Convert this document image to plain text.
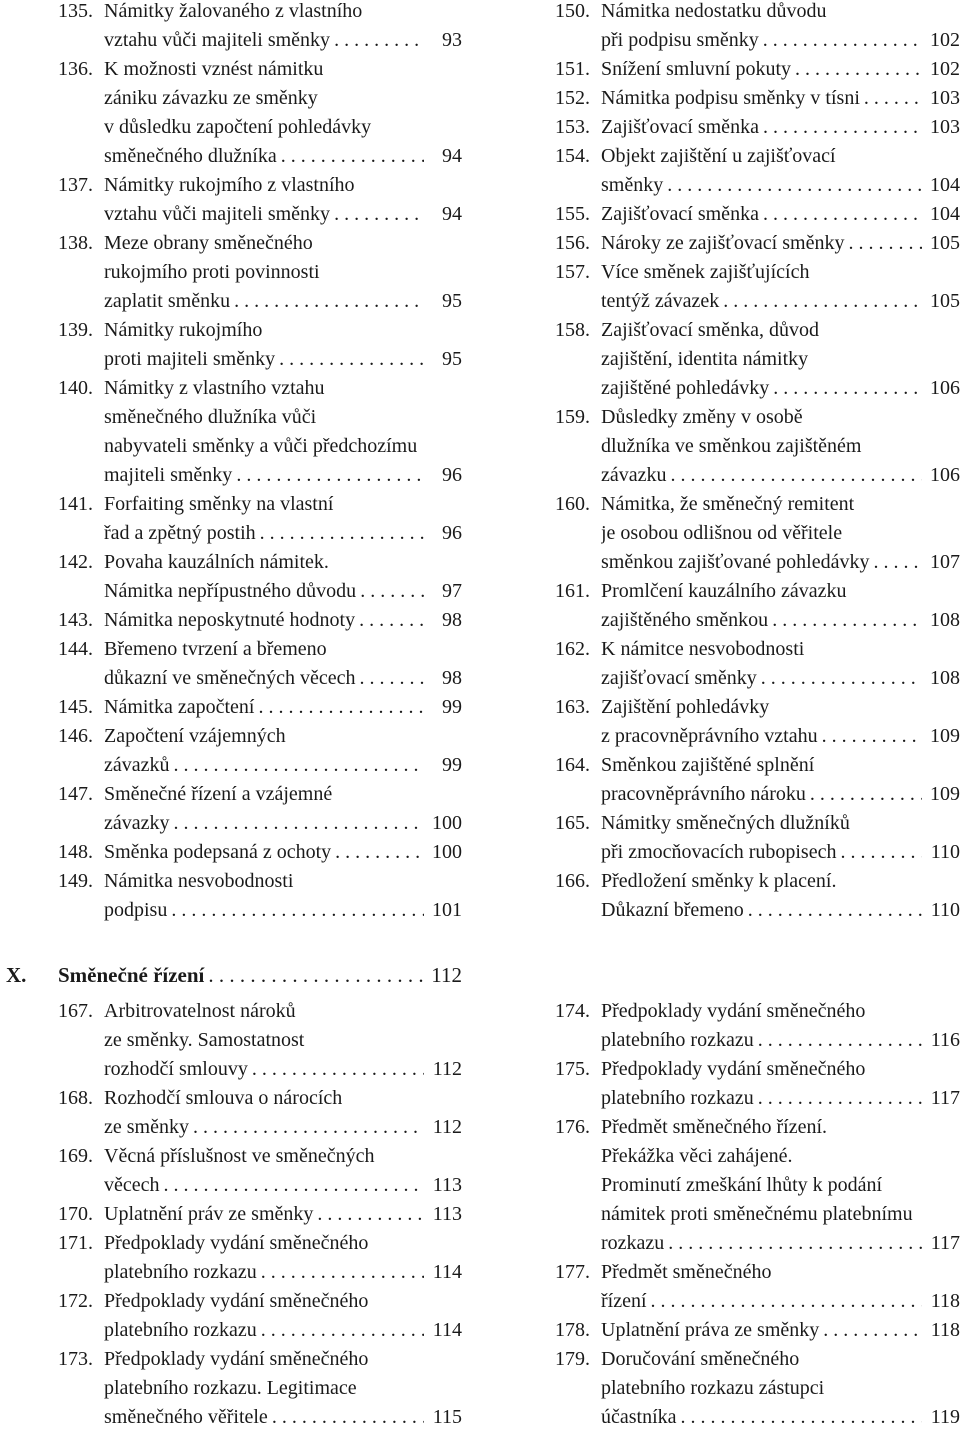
135. Námitky žalovaného z vlastního
vztahu vůči majiteli směnky . . .	93
136. K možnosti vznést námitku
zániku závazku ze směnky
v důsledku započtení pohledávky
směnečného dlužníka . . .	94
137. Námitky rukojmího z vlastního
vztahu vůči majiteli směnky . . .	94
138. Meze obrany směnečného
rukojmího proti povinnosti
zaplatit směnku . . .	95
139. Námitky rukojmího
proti majiteli směnky . . .	95
140. Námitky z vlastního vztahu
směnečného dlužníka vůči
nabyvateli směnky a vůči předchozímu
majiteli směnky . . .	96
141. Forfaiting směnky na vlastní
řad a zpětný postih . . .	96
142. Povaha kauzálních námitek.
Námitka nepřípustného důvodu . . .	97
143. Námitka neposkytnuté hodnoty . . .	98
144. Břemeno tvrzení a břemeno
důkazní ve směnečných věcech . . .	98
145. Námitka započtení . . .	99
146. Započtení vzájemných
závazků . . .	99
147. Směnečné řízení a vzájemné
závazky . . .	100
148. Směnka podepsaná z ochoty . . .	100
149. Námitka nesvobodnosti
podpisu . . .	101
150. Námitka nedostatku důvodu
při podpisu směnky . . .	102
151. Snížení smluvní pokuty . . .	102
152. Námitka podpisu směnky v tísni . . .	103
153. Zajišťovací směnka . . .	103
154. Objekt zajištění u zajišťovací
směnky . . .	104
155. Zajišťovací směnka . . .	104
156. Nároky ze zajišťovací směnky . . .	105
157. Více směnek zajišťujících
tentýž závazek . . .	105
158. Zajišťovací směnka, důvod
zajištění, identita námitky
zajištěné pohledávky . . .	106
159. Důsledky změny v osobě
dlužníka ve směnkou zajištěném
závazku . . .	106
160. Námitka, že směnečný remitent
je osobou odlišnou od věřitele
směnkou zajišťované pohledávky . . .	107
161. Promlčení kauzálního závazku
zajištěného směnkou . . .	108
162. K námitce nesvobodnosti
zajišťovací směnky . . .	108
163. Zajištění pohledávky
z pracovněprávního vztahu . . .	109
164. Směnkou zajištěné splnění
pracovněprávního nároku . . .	109
165. Námitky směnečných dlužníků
při zmocňovacích rubopisech . . .	110
166. Předložení směnky k placení.
Důkazní břemeno . . .	110
X.	Směnečné řízení . . .	112
167. Arbitrovatelnost nároků
ze směnky. Samostatnost
rozhodčí smlouvy . . .	112
168. Rozhodčí smlouva o nárocích
ze směnky . . .	112
169. Věcná příslušnost ve směnečných
věcech . . .	113
170. Uplatnění práv ze směnky . . .	113
171. Předpoklady vydání směnečného
platebního rozkazu . . .	114
172. Předpoklady vydání směnečného
platebního rozkazu . . .	114
173. Předpoklady vydání směnečného
platebního rozkazu. Legitimace
směnečného věřitele . . .	115
174. Předpoklady vydání směnečného
platebního rozkazu . . .	116
175. Předpoklady vydání směnečného
platebního rozkazu . . .	117
176. Předmět směnečného řízení.
Překážka věci zahájené.
Prominutí zmeškání lhůty k podání
námitek proti směnečnému platebnímu
rozkazu . . .	117
177. Předmět směnečného
řízení . . .	118
178. Uplatnění práva ze směnky . . .	118
179. Doručování směnečného
platebního rozkazu zástupci
účastníka . . .	119
